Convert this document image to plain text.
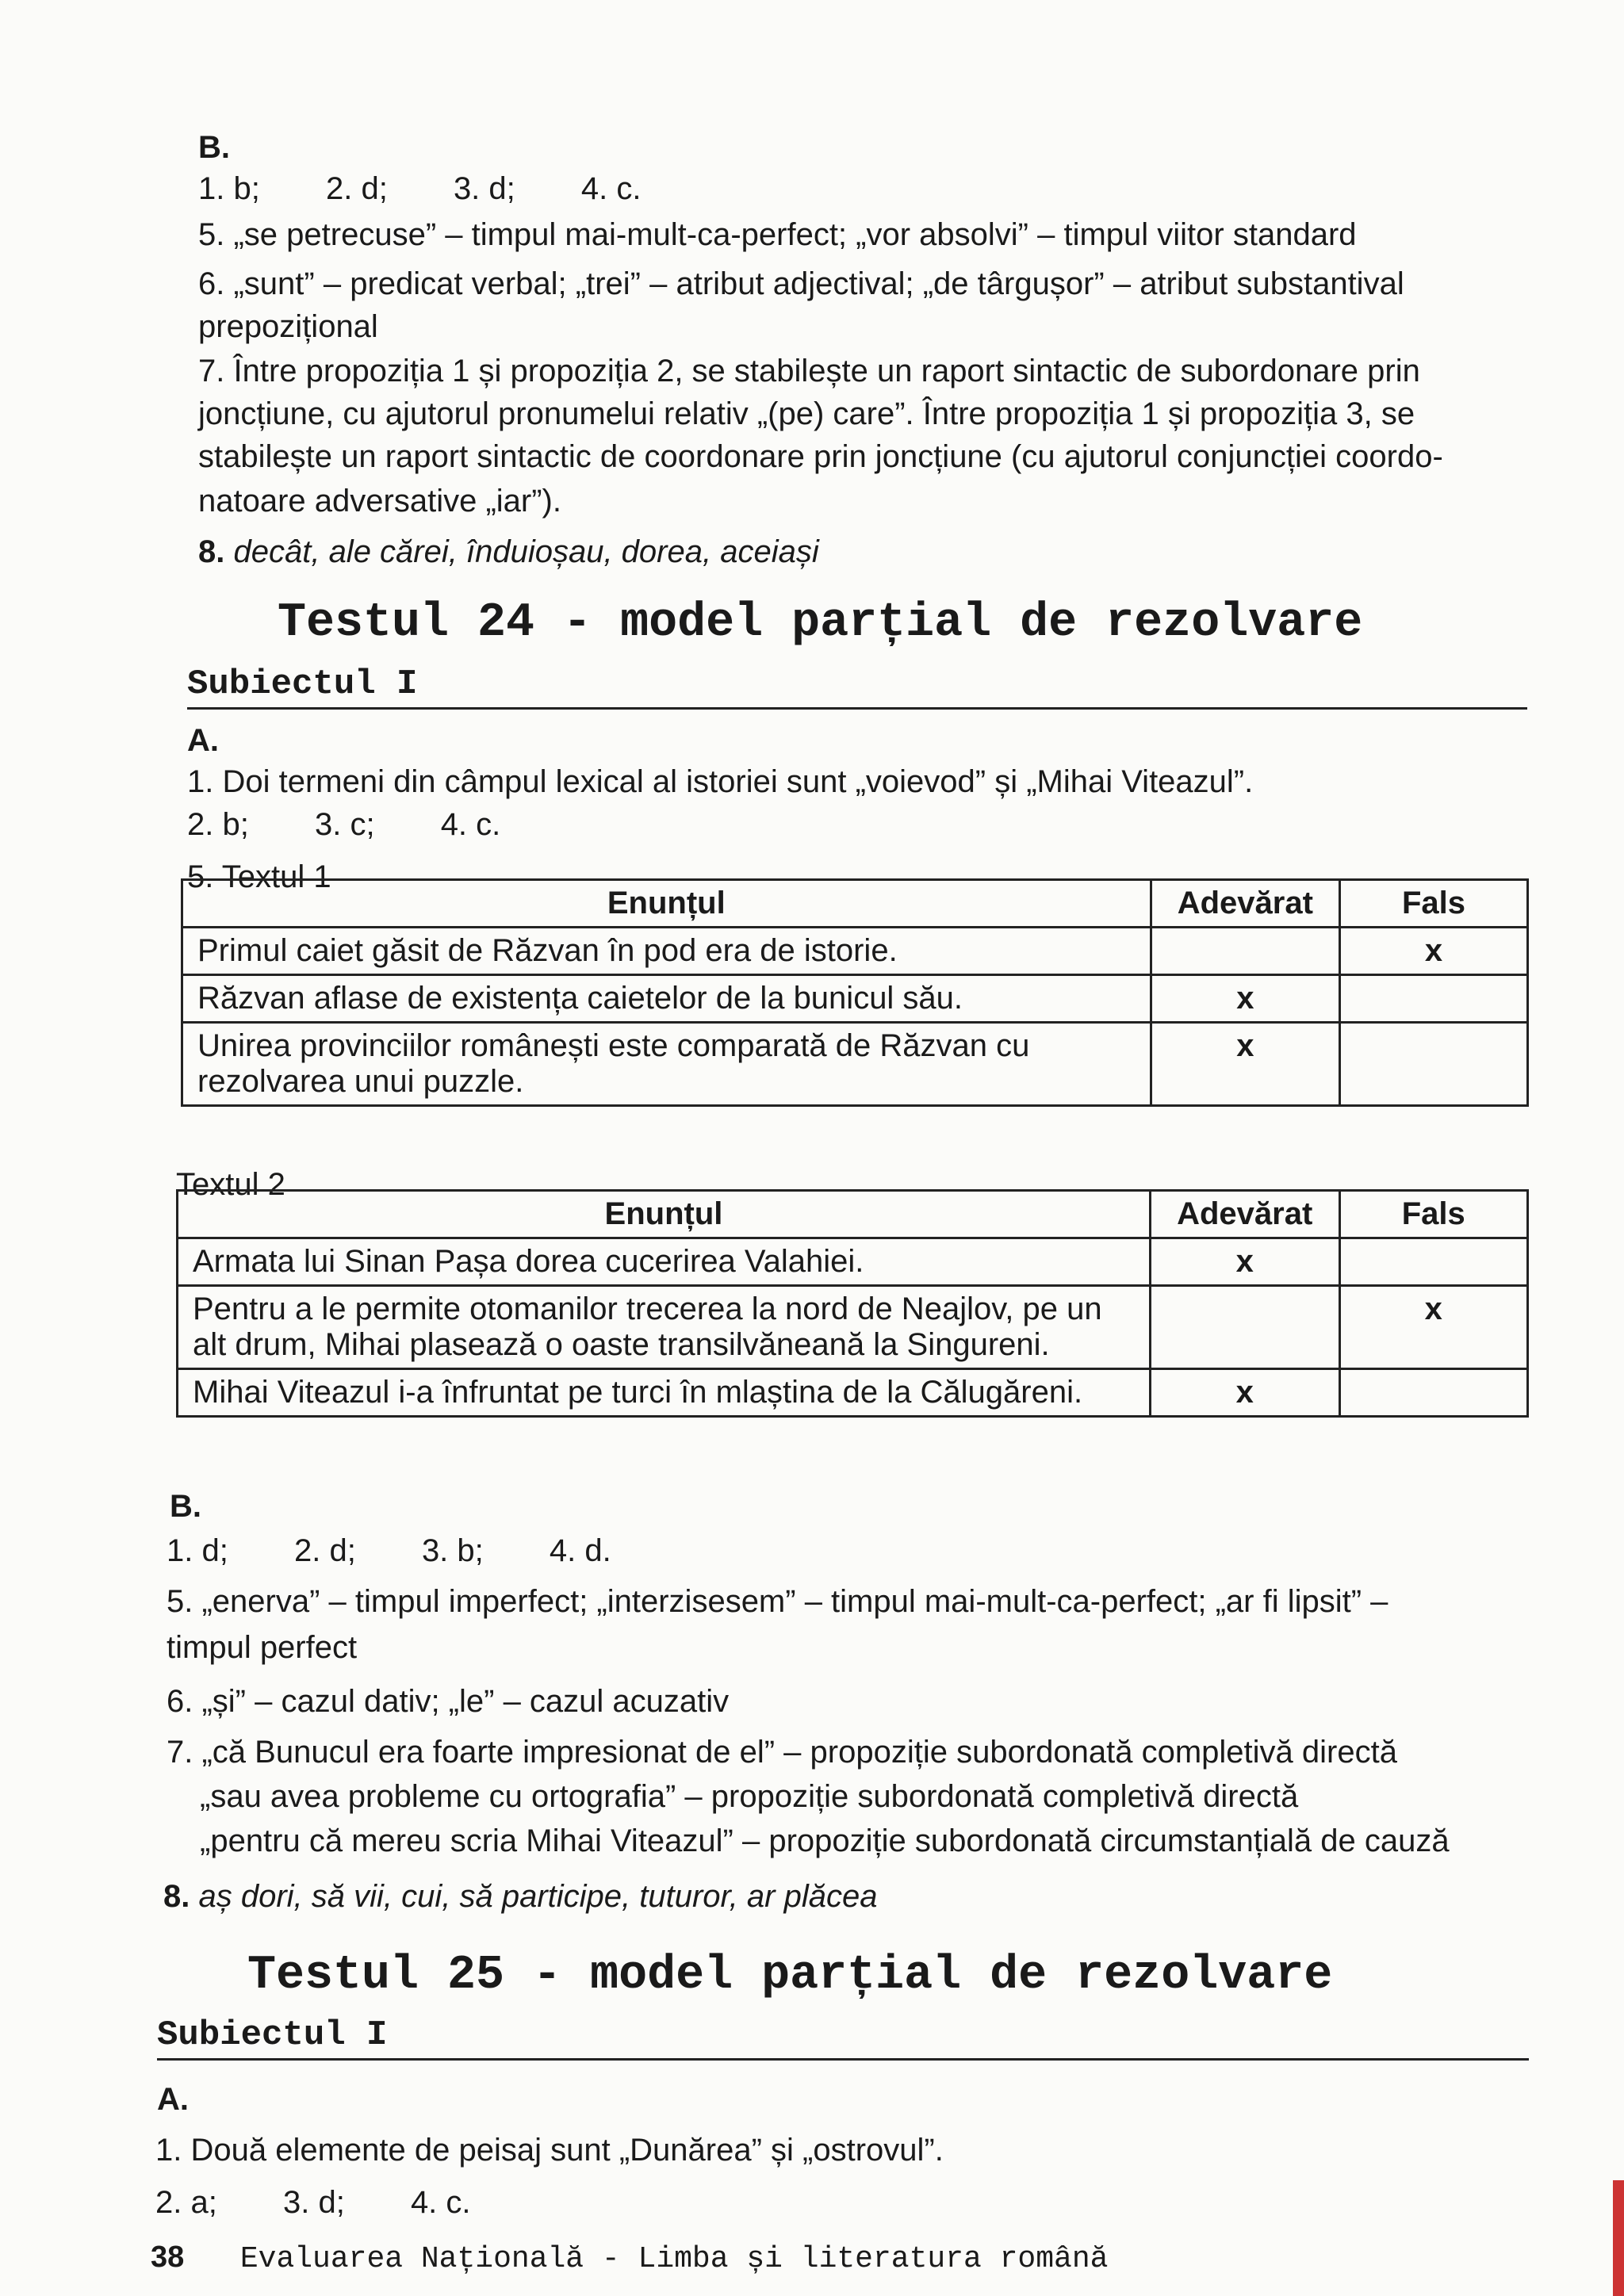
B.
1. b; 2. d; 3. d; 4. c.
5. „se petrecuse” – timpul mai-mult-ca-perfect; „vor absolvi” – timpul viitor standard
6. „sunt” – predicat verbal; „trei” – atribut adjectival; „de târgușor” – atribut substantival
prepozițional
7. Între propoziția 1 și propoziția 2, se stabilește un raport sintactic de subordonare prin
joncțiune, cu ajutorul pronumelui relativ „(pe) care”. Între propoziția 1 și propoziția 3, se
stabilește un raport sintactic de coordonare prin joncțiune (cu ajutorul conjuncției coordo-
natoare adversative „iar”).
8. decât, ale cărei, înduioșau, dorea, aceiași
Testul 24 - model parțial de rezolvare
Subiectul I
A.
1. Doi termeni din câmpul lexical al istoriei sunt „voievod” și „Mihai Viteazul”.
2. b; 3. c; 4. c.
5. Textul 1
Enunțul	Adevărat	Fals
Primul caiet găsit de Răzvan în pod era de istorie.		x
Răzvan aflase de existența caietelor de la bunicul său.	x	
Unirea provinciilor românești este comparată de Răzvan cu rezolvarea unui puzzle.	x	
Textul 2
Enunțul	Adevărat	Fals
Armata lui Sinan Pașa dorea cucerirea Valahiei.	x	
Pentru a le permite otomanilor trecerea la nord de Neajlov, pe un alt drum, Mihai plasează o oaste transilvăneană la Singureni.		x
Mihai Viteazul i-a înfruntat pe turci în mlaștina de la Călugăreni.	x	
B.
1. d; 2. d; 3. b; 4. d.
5. „enerva” – timpul imperfect; „interzisesem” – timpul mai-mult-ca-perfect; „ar fi lipsit” –
timpul perfect
6. „și” – cazul dativ; „le” – cazul acuzativ
7. „că Bunucul era foarte impresionat de el” – propoziție subordonată completivă directă
„sau avea probleme cu ortografia” – propoziție subordonată completivă directă
„pentru că mereu scria Mihai Viteazul” – propoziție subordonată circumstanțială de cauză
8. aș dori, să vii, cui, să participe, tuturor, ar plăcea
Testul 25 - model parțial de rezolvare
Subiectul I
A.
1. Două elemente de peisaj sunt „Dunărea” și „ostrovul”.
2. a; 3. d; 4. c.
38 Evaluarea Națională - Limba și literatura română
